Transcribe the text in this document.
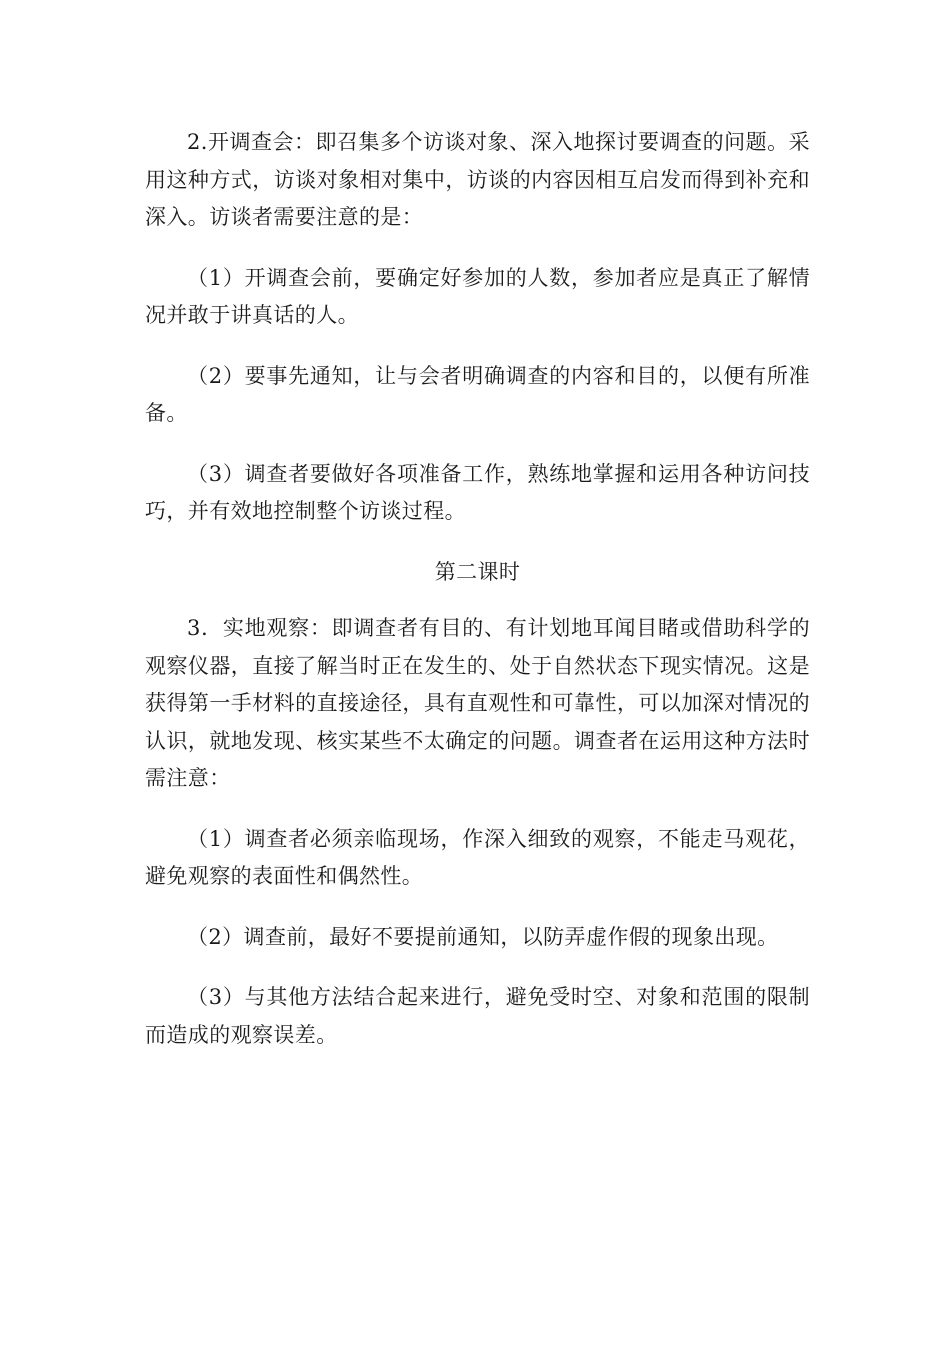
2.开调查会：即召集多个访谈对象、深入地探讨要调查的问题。采用这种方式，访谈对象相对集中，访谈的内容因相互启发而得到补充和深入。访谈者需要注意的是：

（1）开调查会前，要确定好参加的人数，参加者应是真正了解情况并敢于讲真话的人。

（2）要事先通知，让与会者明确调查的内容和目的，以便有所准备。

（3）调查者要做好各项准备工作，熟练地掌握和运用各种访问技巧，并有效地控制整个访谈过程。

第二课时

3．实地观察：即调查者有目的、有计划地耳闻目睹或借助科学的观察仪器，直接了解当时正在发生的、处于自然状态下现实情况。这是获得第一手材料的直接途径，具有直观性和可靠性，可以加深对情况的认识，就地发现、核实某些不太确定的问题。调查者在运用这种方法时需注意：

（1）调查者必须亲临现场，作深入细致的观察，不能走马观花，避免观察的表面性和偶然性。

（2）调查前，最好不要提前通知，以防弄虚作假的现象出现。

（3）与其他方法结合起来进行，避免受时空、对象和范围的限制而造成的观察误差。
